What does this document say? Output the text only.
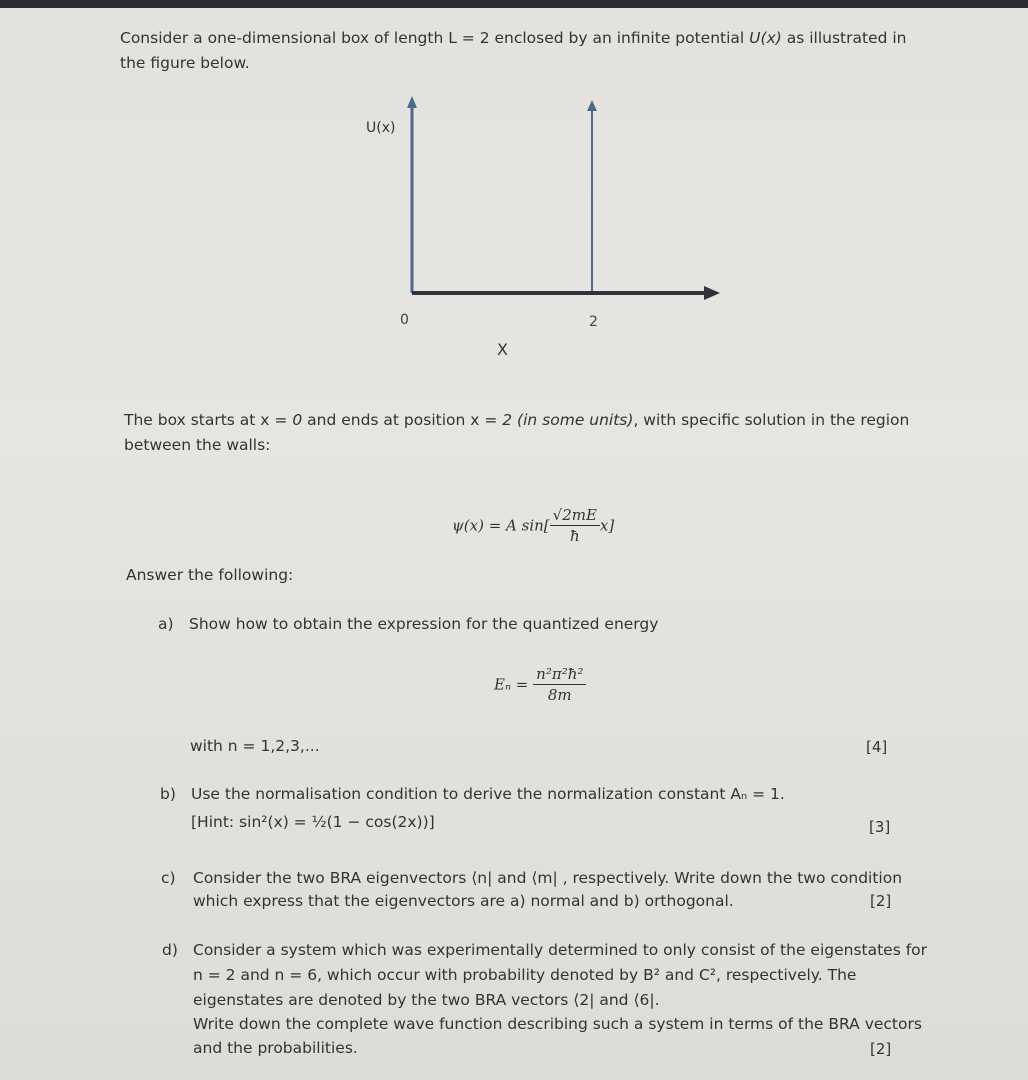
Consider a one-dimensional box of length L = 2 enclosed by an infinite potential U(x) as illustrated in
the figure below.
U(x)
0	2
X
The box starts at x = 0 and ends at position x = 2 (in some units), with specific solution in the region
between the walls:
ψ(x) = A $\sin[ \frac{√2mE}{ħ} x]$
Answer the following:
a) Show how to obtain the expression for the quantized energy
$E_n = \frac{\text{n²π²ħ²}}{8m}$
with n = 1,2,3,...	[4]
b) Use the normalisation condition to derive the normalization constant Aₙ = 1.
[Hint: sin²(x) = ½(1 − cos(2x))]	[3]
c) Consider the two BRA eigenvectors ⟨n| and ⟨m| , respectively. Write down the two condition
which express that the eigenvectors are a) normal and b) orthogonal.	[2]
d) Consider a system which was experimentally determined to only consist of the eigenstates for
n = 2 and n = 6, which occur with probability denoted by B² and C², respectively. The
eigenstates are denoted by the two BRA vectors ⟨2| and ⟨6|.
Write down the complete wave function describing such a system in terms of the BRA vectors
and the probabilities.	[2]
